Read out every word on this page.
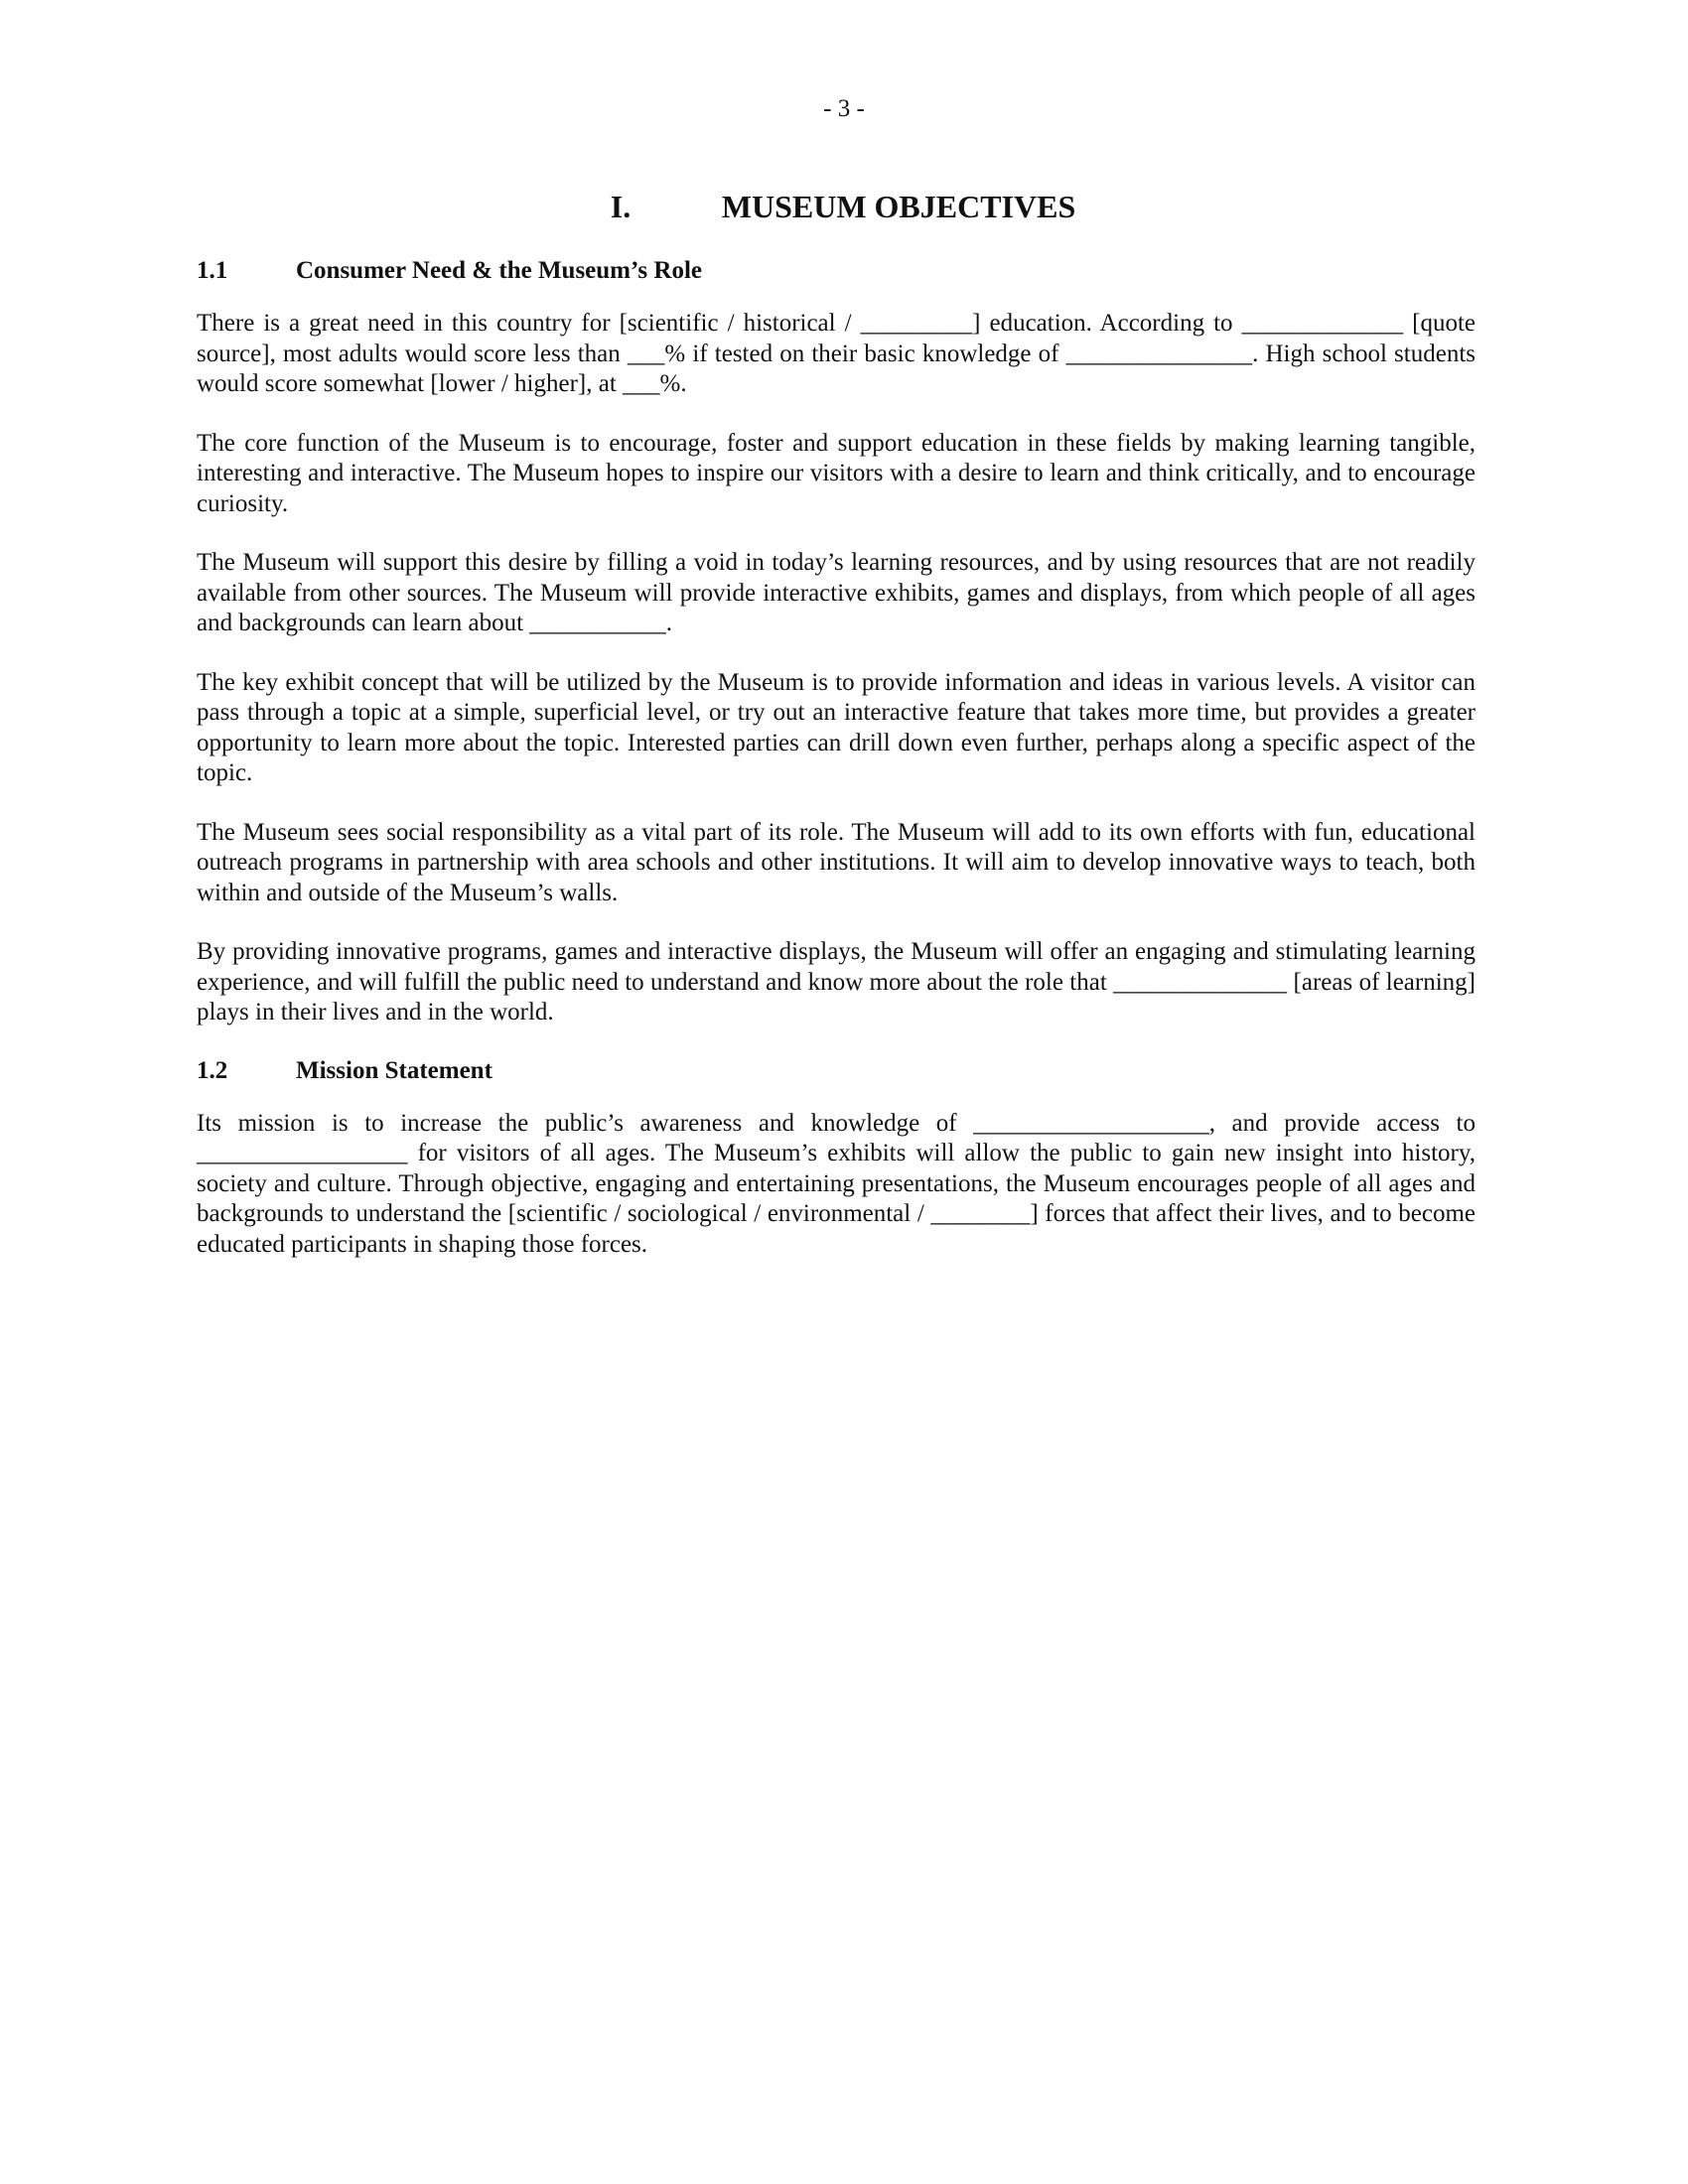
- 3 -
I.	MUSEUM OBJECTIVES
1.1	Consumer Need & the Museum’s Role

There is a great need in this country for [scientific / historical / _________] education. According to _____________ [quote source], most adults would score less than ___% if tested on their basic knowledge of _______________. High school students would score somewhat [lower / higher], at ___%.

The core function of the Museum is to encourage, foster and support education in these fields by making learning tangible, interesting and interactive. The Museum hopes to inspire our visitors with a desire to learn and think critically, and to encourage curiosity.

The Museum will support this desire by filling a void in today’s learning resources, and by using resources that are not readily available from other sources. The Museum will provide interactive exhibits, games and displays, from which people of all ages and backgrounds can learn about ___________.

The key exhibit concept that will be utilized by the Museum is to provide information and ideas in various levels. A visitor can pass through a topic at a simple, superficial level, or try out an interactive feature that takes more time, but provides a greater opportunity to learn more about the topic. Interested parties can drill down even further, perhaps along a specific aspect of the topic.

The Museum sees social responsibility as a vital part of its role. The Museum will add to its own efforts with fun, educational outreach programs in partnership with area schools and other institutions. It will aim to develop innovative ways to teach, both within and outside of the Museum’s walls.

By providing innovative programs, games and interactive displays, the Museum will offer an engaging and stimulating learning experience, and will fulfill the public need to understand and know more about the role that ______________ [areas of learning] plays in their lives and in the world.

1.2	Mission Statement

Its mission is to increase the public’s awareness and knowledge of ___________________, and provide access to _________________ for visitors of all ages. The Museum’s exhibits will allow the public to gain new insight into history, society and culture. Through objective, engaging and entertaining presentations, the Museum encourages people of all ages and backgrounds to understand the [scientific / sociological / environmental / ________] forces that affect their lives, and to become educated participants in shaping those forces.
